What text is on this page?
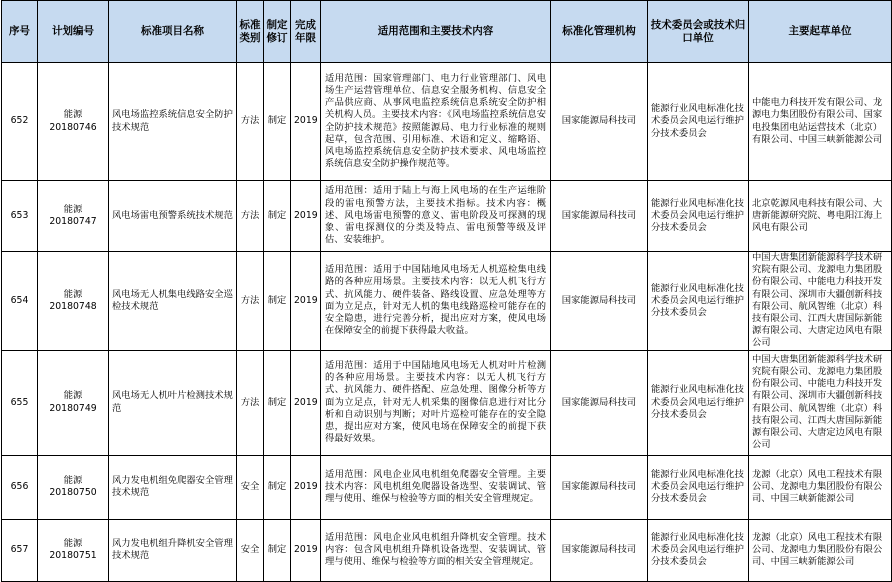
序号	计划编号	标准项目名称	标准类别	制定修订	完成年限	适用范围和主要技术内容	标准化管理机构	技术委员会或技术归口单位	主要起草单位
652	能源20180746	风电场监控系统信息安全防护技术规范	方法	制定	2019	适用范围：国家管理部门、电力行业管理部门、风电场生产运营管理单位、信息安全服务机构、信息安全产品供应商、从事风电监控系统信息系统安全防护相关机构人员。主要技术内容：《风电场监控系统信息安全防护技术规范》按照能源局、电力行业标准的规则起草，包含范围、引用标准、术语和定义、缩略语、风电场监控系统信息安全防护技术要求、风电场监控系统信息安全防护操作规范等。	国家能源局科技司	能源行业风电标准化技术委员会风电运行维护分技术委员会	中能电力科技开发有限公司、龙源电力集团股份有限公司、国家电投集团电站运营技术（北京）有限公司、中国三峡新能源公司
653	能源20180747	风电场雷电预警系统技术规范	方法	制定	2019	适用范围：适用于陆上与海上风电场的在生产运维阶段的雷电预警方法，主要技术指标。技术内容：概述、风电场雷电预警的意义、雷电阶段及可探测的现象、雷电探测仪的分类及特点、雷电预警等级及评估、安装维护。	国家能源局科技司	能源行业风电标准化技术委员会风电运行维护分技术委员会	北京乾源风电科技有限公司、大唐新能源研究院、粤电阳江海上风电有限公司
654	能源20180748	风电场无人机集电线路安全巡检技术规范	方法	制定	2019	适用范围：适用于中国陆地风电场无人机巡检集电线路的各种应用场景。主要技术内容：以无人机飞行方式、抗风能力、硬件装备、路线设置、应急处理等方面为立足点，针对无人机的集电线路巡检可能存在的安全隐患，进行完善分析，提出应对方案，使风电场在保障安全的前提下获得最大收益。	国家能源局科技司	能源行业风电标准化技术委员会风电运行维护分技术委员会	中国大唐集团新能源科学技术研究院有限公司、龙源电力集团股份有限公司、中能电力科技开发有限公司、深圳市大疆创新科技有限公司、航风智维（北京）科技有限公司、江西大唐国际新能源有限公司、大唐定边风电有限公司
655	能源20180749	风电场无人机叶片检测技术规范	方法	制定	2019	适用范围：适用于中国陆地风电场无人机对叶片检测的各种应用场景。主要技术内容：以无人机飞行方式、抗风能力、硬件搭配、应急处理、图像分析等方面为立足点，针对无人机采集的图像信息进行对比分析和自动识别与判断；对叶片巡检可能存在的安全隐患，提出应对方案，使风电场在保障安全的前提下获得最好效果。	国家能源局科技司	能源行业风电标准化技术委员会风电运行维护分技术委员会	中国大唐集团新能源科学技术研究院有限公司、龙源电力集团股份有限公司、中能电力科技开发有限公司、深圳市大疆创新科技有限公司、航风智维（北京）科技有限公司、江西大唐国际新能源有限公司、大唐定边风电有限公司
656	能源20180750	风力发电机组免爬器安全管理技术规范	安全	制定	2019	适用范围：风电企业风电机组免爬器安全管理。主要技术内容：风电机组免爬器设备选型、安装调试、管理与使用、维保与检验等方面的相关安全管理规定。	国家能源局科技司	能源行业风电标准化技术委员会风电运行维护分技术委员会	龙源（北京）风电工程技术有限公司、龙源电力集团股份有限公司、中国三峡新能源公司
657	能源20180751	风力发电机组升降机安全管理技术规范	安全	制定	2019	适用范围：风电企业风电机组升降机安全管理。技术内容：包含风电机组升降机设备选型、安装调试、管理与使用、维保与检验等方面的相关安全管理规定。	国家能源局科技司	能源行业风电标准化技术委员会风电运行维护分技术委员会	龙源（北京）风电工程技术有限公司、龙源电力集团股份有限公司、中国三峡新能源公司
